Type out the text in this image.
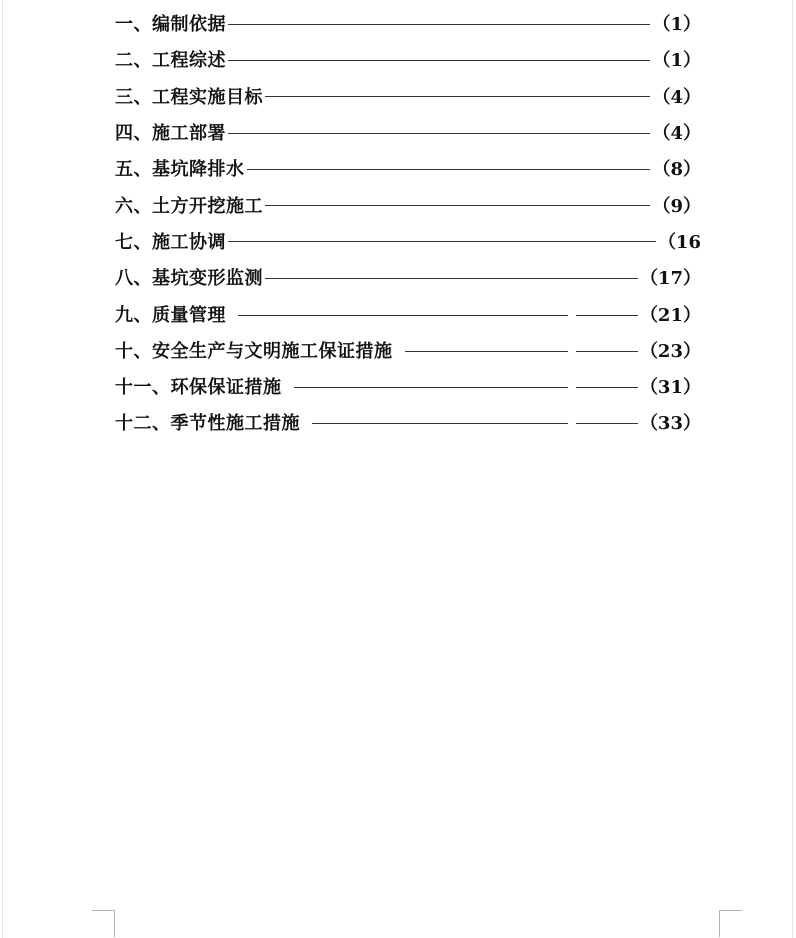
一、编制依据	（1）
二、工程综述	（1）
三、工程实施目标	（4）
四、施工部署	（4）
五、基坑降排水	（8）
六、土方开挖施工	（9）
七、施工协调	（16
八、基坑变形监测	（17）
九、质量管理	（21）
十、安全生产与文明施工保证措施	（23）
十一、环保保证措施	（31）
十二、季节性施工措施	（33）
